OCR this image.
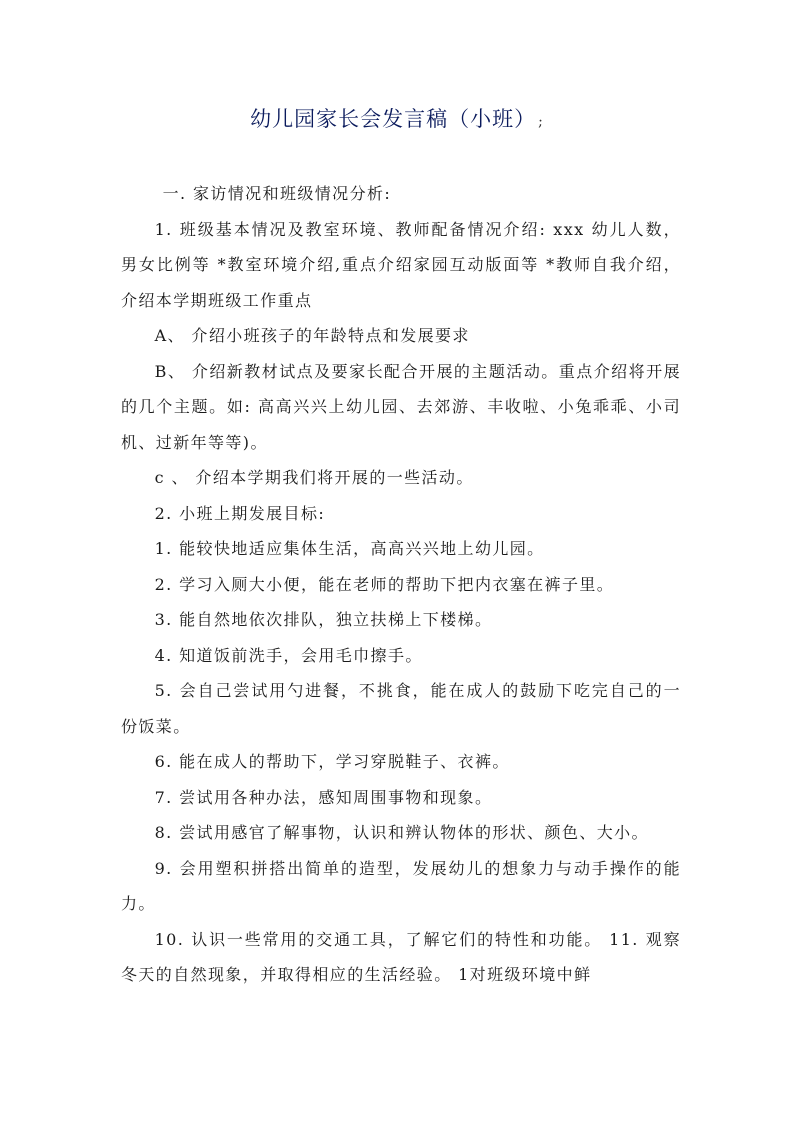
幼儿园家长会发言稿（小班） ;

一. 家访情况和班级情况分析:

1. 班级基本情况及教室环境、教师配备情况介绍: xxx 幼儿人数，男女比例等 *教室环境介绍,重点介绍家园互动版面等 *教师自我介绍， 介绍本学期班级工作重点

A、 介绍小班孩子的年龄特点和发展要求

B、 介绍新教材试点及要家长配合开展的主题活动。重点介绍将开展的几个主题。如: 高高兴兴上幼儿园、去郊游、丰收啦、小兔乖乖、小司机、过新年等等)。

c 、 介绍本学期我们将开展的一些活动。

2. 小班上期发展目标:

1. 能较快地适应集体生活，高高兴兴地上幼儿园。

2. 学习入厕大小便，能在老师的帮助下把内衣塞在裤子里。

3. 能自然地依次排队，独立扶梯上下楼梯。

4. 知道饭前洗手，会用毛巾擦手。

5. 会自己尝试用勺进餐，不挑食，能在成人的鼓励下吃完自己的一份饭菜。

6. 能在成人的帮助下，学习穿脱鞋子、衣裤。

7. 尝试用各种办法，感知周围事物和现象。

8. 尝试用感官了解事物，认识和辨认物体的形状、颜色、大小。

9. 会用塑积拼搭出简单的造型，发展幼儿的想象力与动手操作的能力。

10. 认识一些常用的交通工具，了解它们的特性和功能。 11. 观察冬天的自然现象，并取得相应的生活经验。 1对班级环境中鲜
